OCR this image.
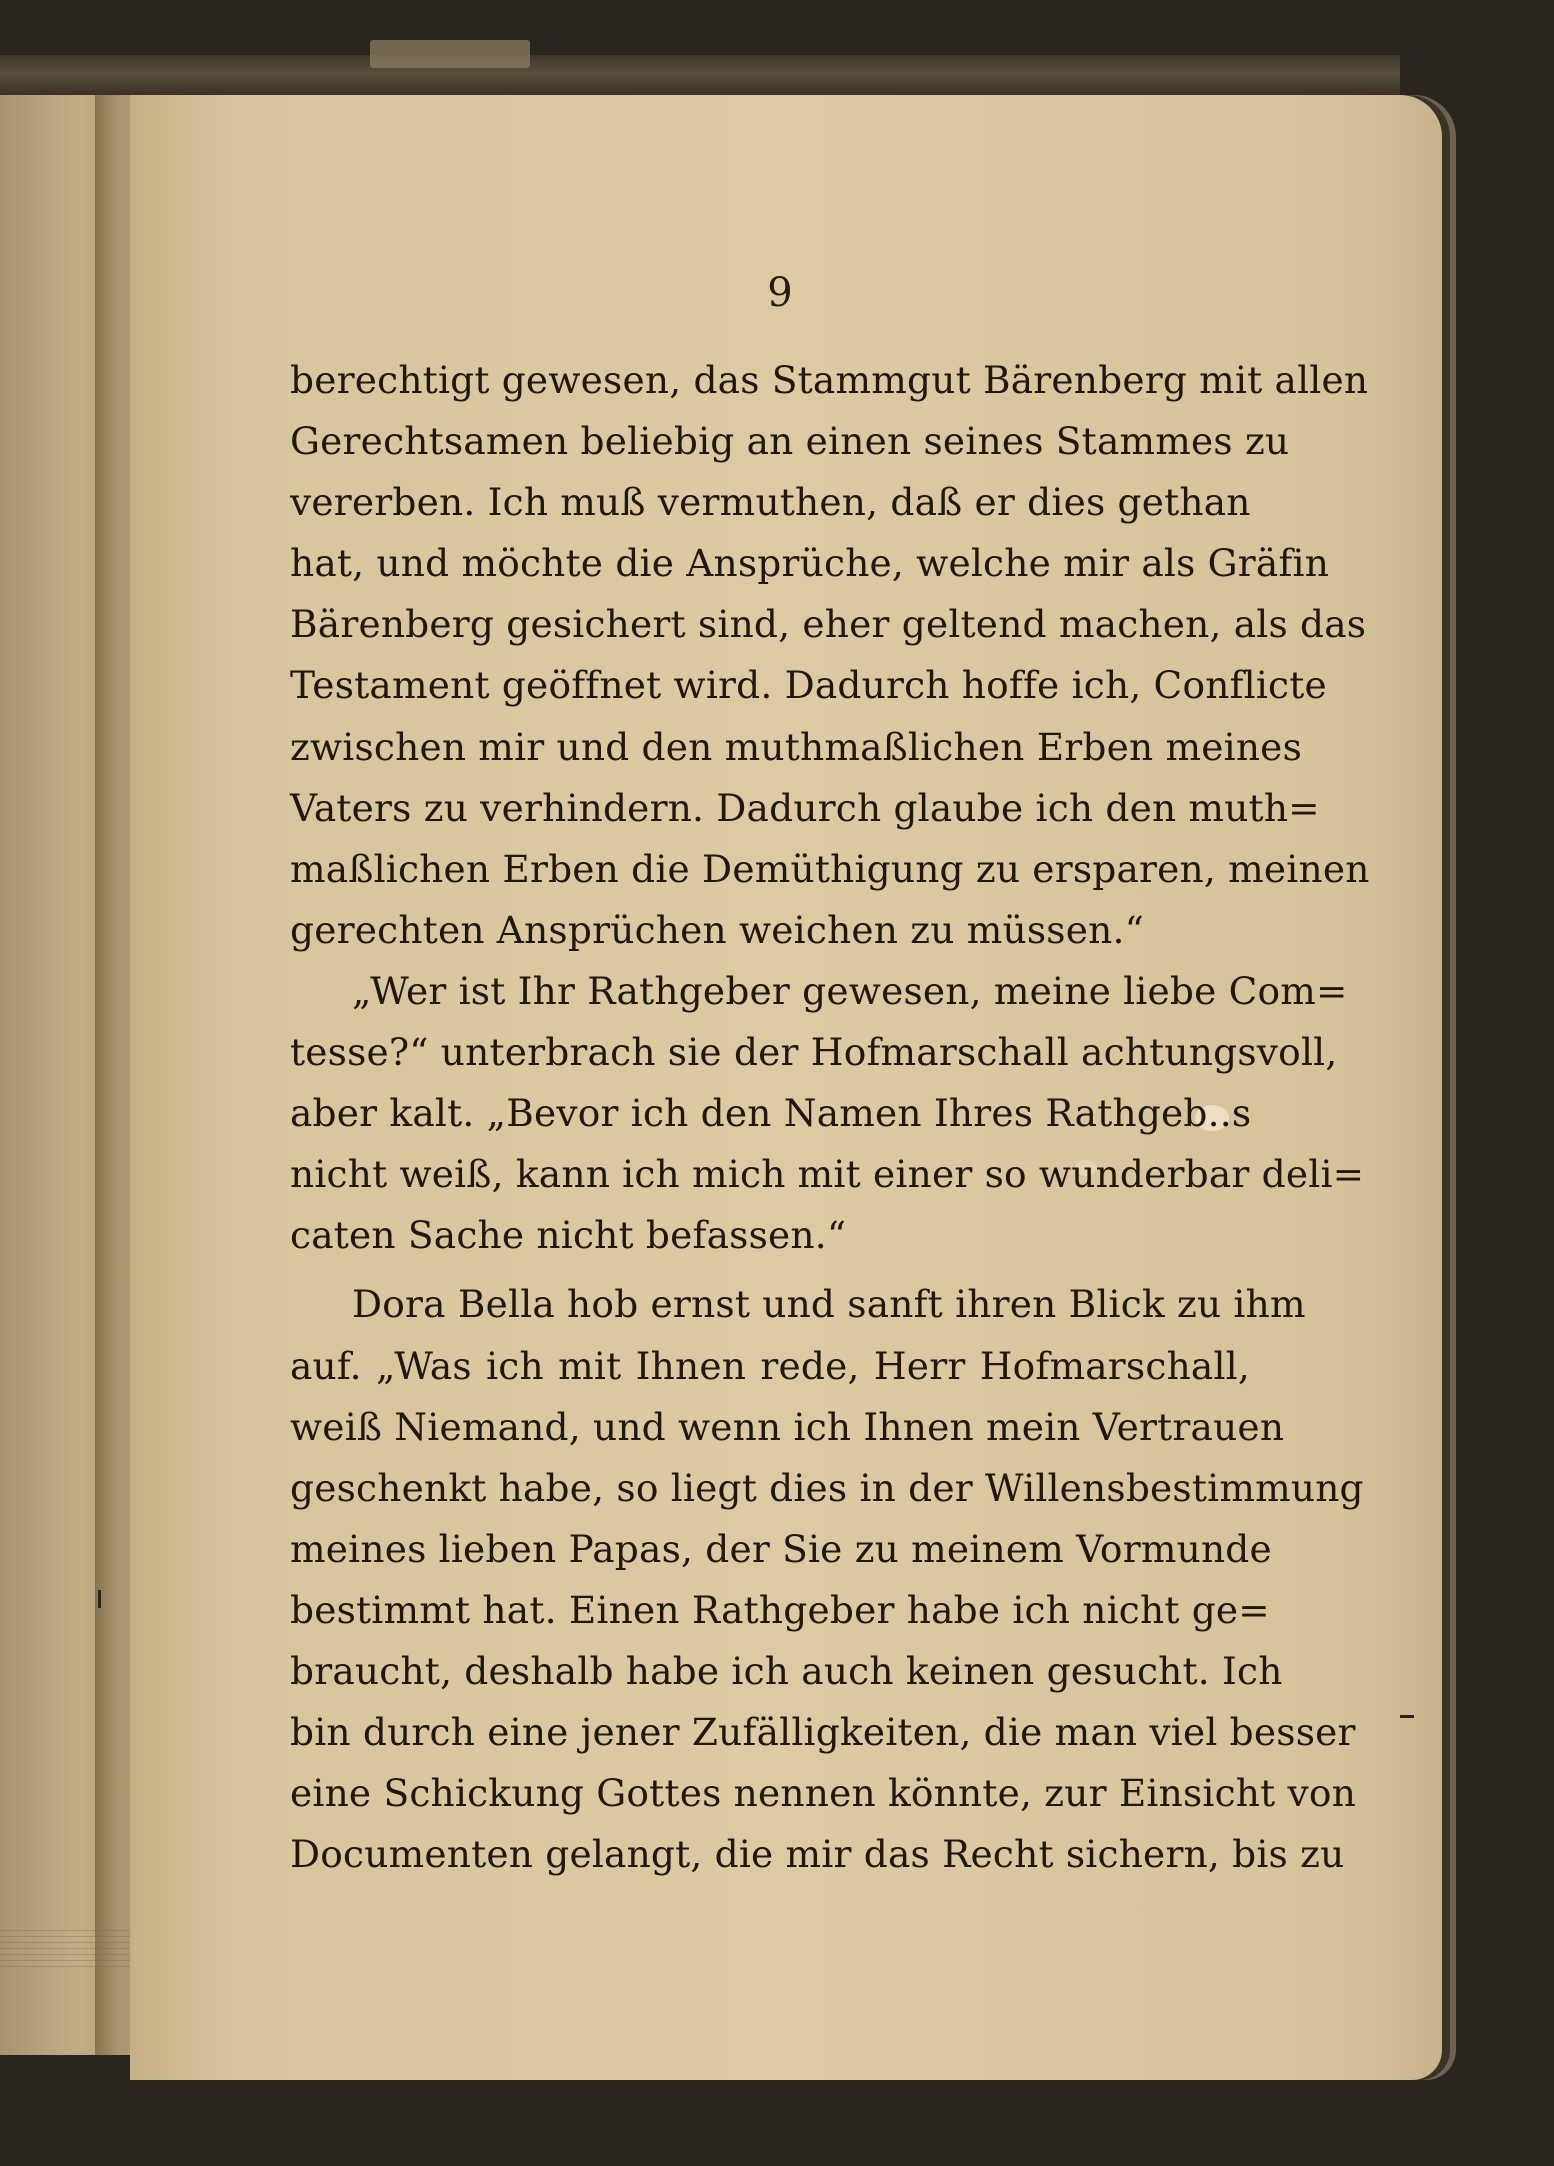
9
berechtigt gewesen, das Stammgut Bärenberg mit allen
Gerechtsamen beliebig an einen seines Stammes zu
vererben. Ich muß vermuthen, daß er dies gethan
hat, und möchte die Ansprüche, welche mir als Gräfin
Bärenberg gesichert sind, eher geltend machen, als das
Testament geöffnet wird. Dadurch hoffe ich, Conflicte
zwischen mir und den muthmaßlichen Erben meines
Vaters zu verhindern. Dadurch glaube ich den muth=
maßlichen Erben die Demüthigung zu ersparen, meinen
gerechten Ansprüchen weichen zu müssen.“
„Wer ist Ihr Rathgeber gewesen, meine liebe Com=
tesse?“ unterbrach sie der Hofmarschall achtungsvoll,
aber kalt. „Bevor ich den Namen Ihres Rathgeb..s
nicht weiß, kann ich mich mit einer so wunderbar deli=
caten Sache nicht befassen.“
Dora Bella hob ernst und sanft ihren Blick zu ihm
auf. „Was ich mit Ihnen rede, Herr Hofmarschall,
weiß Niemand, und wenn ich Ihnen mein Vertrauen
geschenkt habe, so liegt dies in der Willensbestimmung
meines lieben Papas, der Sie zu meinem Vormunde
bestimmt hat. Einen Rathgeber habe ich nicht ge=
braucht, deshalb habe ich auch keinen gesucht. Ich
bin durch eine jener Zufälligkeiten, die man viel besser
eine Schickung Gottes nennen könnte, zur Einsicht von
Documenten gelangt, die mir das Recht sichern, bis zu
